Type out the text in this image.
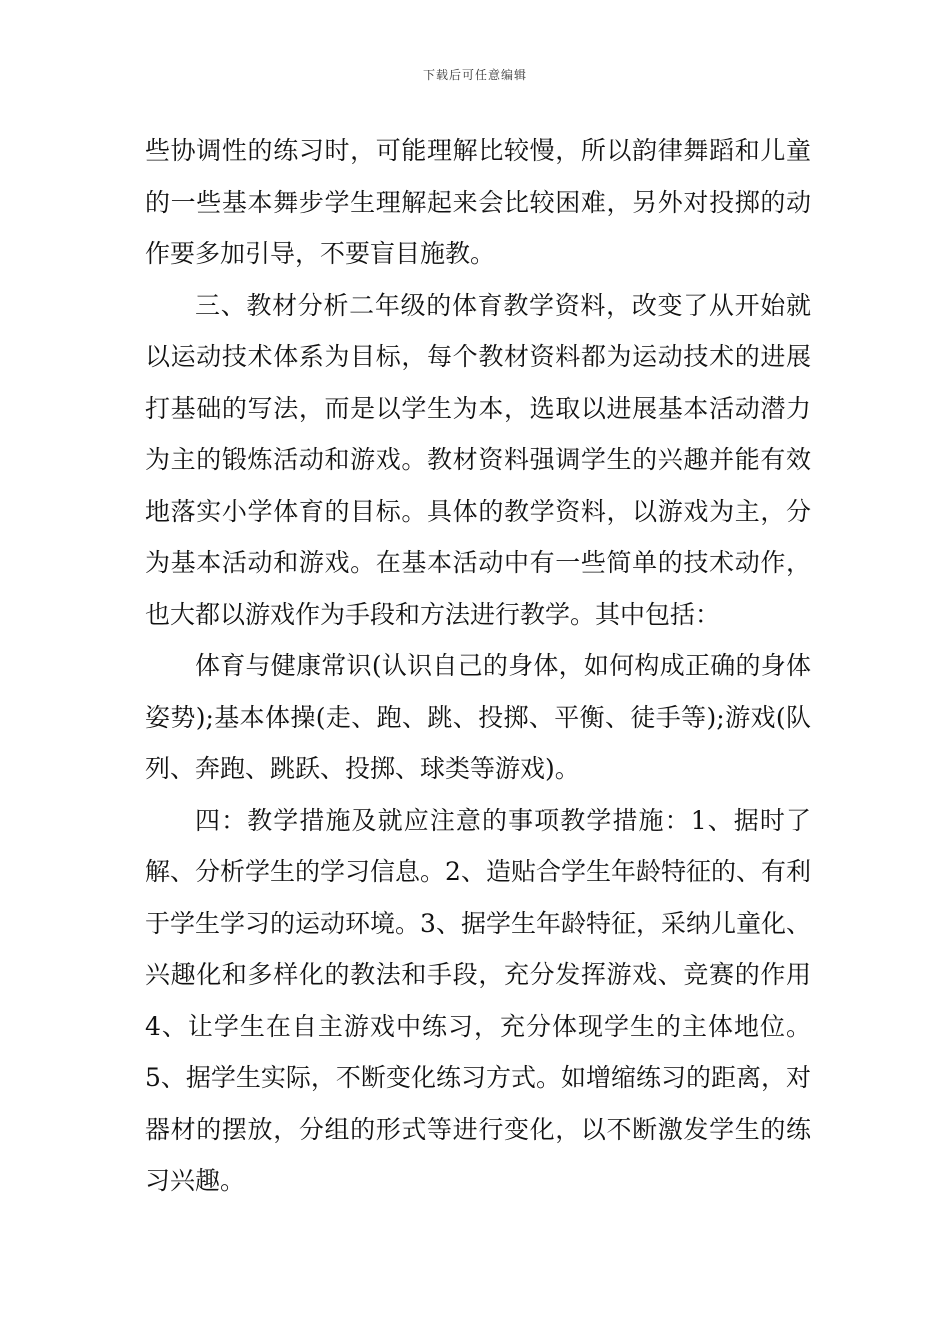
下载后可任意编辑

些协调性的练习时，可能理解比较慢，所以韵律舞蹈和儿童的一些基本舞步学生理解起来会比较困难，另外对投掷的动作要多加引导，不要盲目施教。

三、教材分析二年级的体育教学资料，改变了从开始就以运动技术体系为目标，每个教材资料都为运动技术的进展打基础的写法，而是以学生为本，选取以进展基本活动潜力为主的锻炼活动和游戏。教材资料强调学生的兴趣并能有效地落实小学体育的目标。具体的教学资料，以游戏为主，分为基本活动和游戏。在基本活动中有一些简单的技术动作，也大都以游戏作为手段和方法进行教学。其中包括：

体育与健康常识(认识自己的身体，如何构成正确的身体姿势);基本体操(走、跑、跳、投掷、平衡、徒手等);游戏(队列、奔跑、跳跃、投掷、球类等游戏)。

四：教学措施及就应注意的事项教学措施：1、据时了解、分析学生的学习信息。2、造贴合学生年龄特征的、有利于学生学习的运动环境。3、据学生年龄特征，采纳儿童化、兴趣化和多样化的教法和手段，充分发挥游戏、竞赛的作用4、让学生在自主游戏中练习，充分体现学生的主体地位。5、据学生实际，不断变化练习方式。如增缩练习的距离，对器材的摆放，分组的形式等进行变化，以不断激发学生的练习兴趣。
